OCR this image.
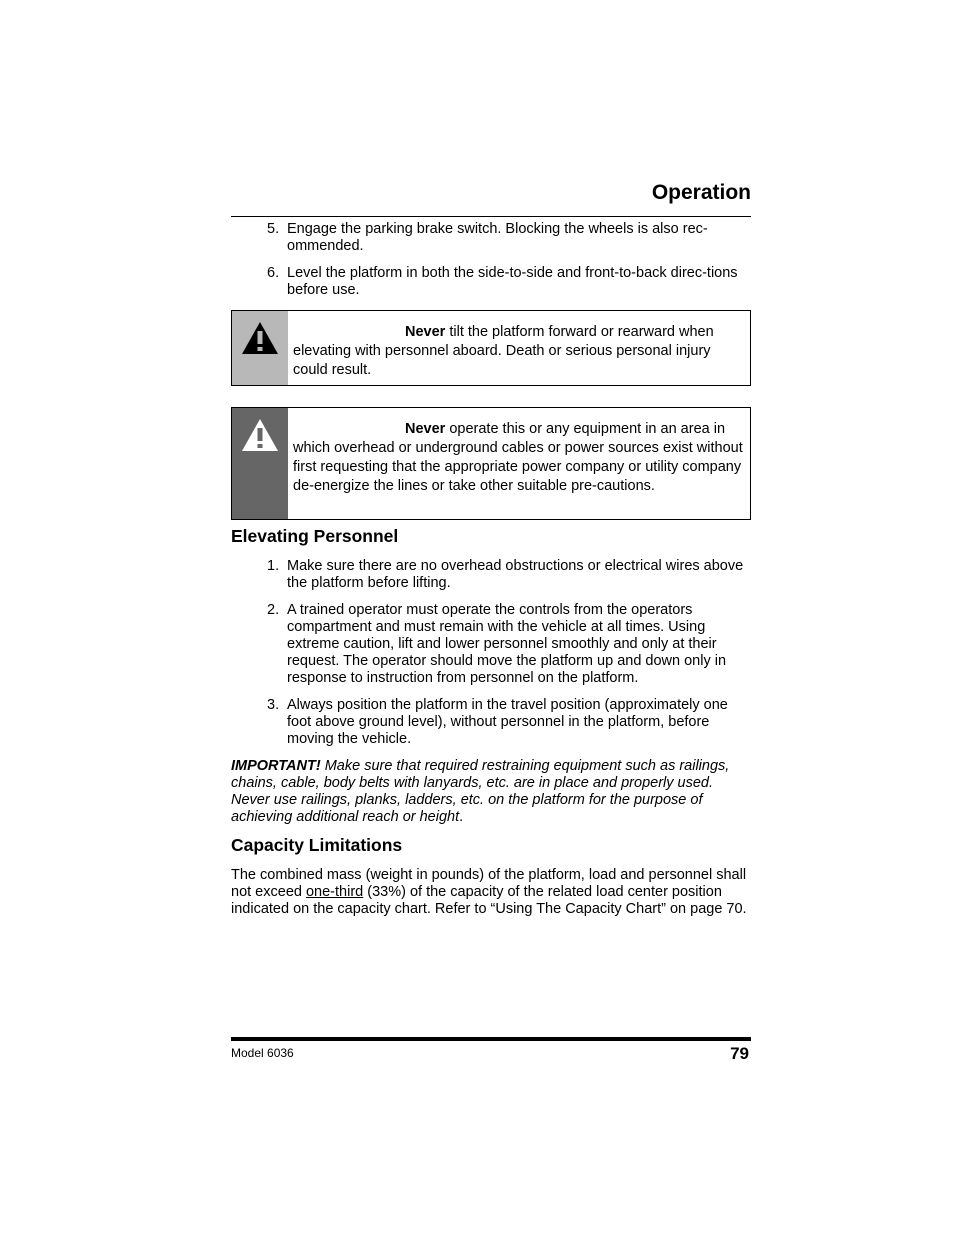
Operation
5. Engage the parking brake switch. Blocking the wheels is also rec-ommended.
6. Level the platform in both the side-to-side and front-to-back direc-tions before use.
Never tilt the platform forward or rearward when elevating with personnel aboard. Death or serious personal injury could result.
Never operate this or any equipment in an area in which overhead or underground cables or power sources exist without first requesting that the appropriate power company or utility company de-energize the lines or take other suitable pre-cautions.
Elevating Personnel
1. Make sure there are no overhead obstructions or electrical wires above the platform before lifting.
2. A trained operator must operate the controls from the operators compartment and must remain with the vehicle at all times. Using extreme caution, lift and lower personnel smoothly and only at their request. The operator should move the platform up and down only in response to instruction from personnel on the platform.
3. Always position the platform in the travel position (approximately one foot above ground level), without personnel in the platform, before moving the vehicle.

IMPORTANT! Make sure that required restraining equipment such as railings, chains, cable, body belts with lanyards, etc. are in place and properly used. Never use railings, planks, ladders, etc. on the platform for the purpose of achieving additional reach or height.

Capacity Limitations

The combined mass (weight in pounds) of the platform, load and personnel shall not exceed one-third (33%) of the capacity of the related load center position indicated on the capacity chart. Refer to “Using The Capacity Chart” on page 70.

Model 6036	79
